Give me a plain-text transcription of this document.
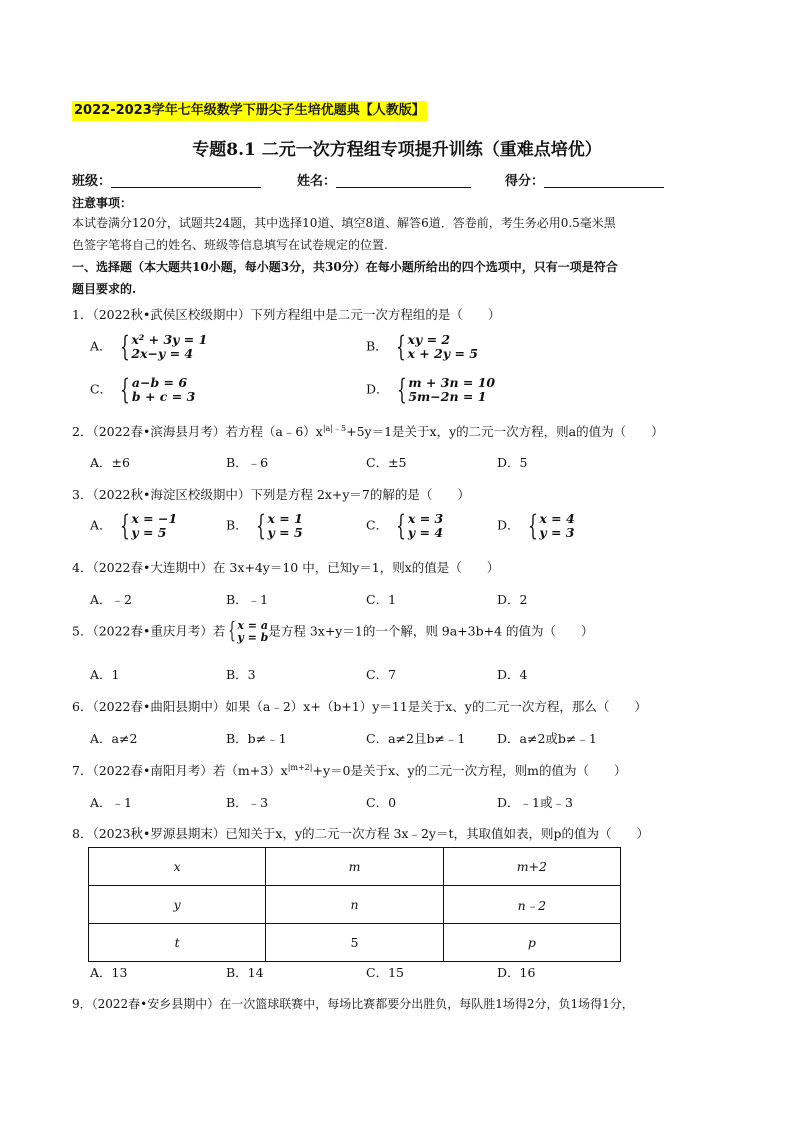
2022-2023学年七年级数学下册尖子生培优题典【人教版】
专题8.1 二元一次方程组专项提升训练（重难点培优）
班级：	姓名：	得分：
注意事项：
本试卷满分120分，试题共24题，其中选择10道、填空8道、解答6道．答卷前，考生务必用0.5毫米黑
色签字笔将自己的姓名、班级等信息填写在试卷规定的位置.
一、选择题（本大题共10小题，每小题3分，共30分）在每小题所给出的四个选项中，只有一项是符合
题目要求的.
1．（2022秋•武侯区校级期中）下列方程组中是二元一次方程组的是（　　）
A． { x² + 3y = 1
2x−y = 4	B． { xy = 2
x + 2y = 5
C． { a−b = 6
b + c = 3	D． { m + 3n = 10
5m−2n = 1
2．（2022春•滨海县月考）若方程$(a﹣6)x^{|a|﹣5}+5y=1$是关于x，y的二元一次方程，则a的值为（　　）
A．±6	B．﹣6	C．±5	D．5
3．（2022秋•海淀区校级期中）下列是方程 2x+y＝7的解的是（　　）
A． { x = −1
y = 5	B． { x = 1
y = 5	C． { x = 3
y = 4	D． { x = 4
y = 3
4．（2022春•大连期中）在 3x+4y＝10 中，已知y＝1，则x的值是（　　）
A．﹣2	B．﹣1	C．1	D．2
5．（2022春•重庆月考）若 { x = a
y = b 是方程 3x+y＝1的一个解，则 9a+3b+4 的值为（　　）
A．1	B．3	C．7	D．4
6．（2022春•曲阳县期中）如果（a﹣2）x+（b+1）y＝11是关于x、y的二元一次方程，那么（　　）
A．a≠2	B．b≠﹣1	C．a≠2且b≠﹣1	D．a≠2或b≠﹣1
7．（2022春•南阳月考）若$(m+3)x^{|m+2|}+y=0$是关于x、y的二元一次方程，则m的值为（　　）
A．﹣1	B．﹣3	C．0	D．﹣1或﹣3
8．（2023秋•罗源县期末）已知关于x，y的二元一次方程 3x﹣2y＝t，其取值如表，则p的值为（　　）
x	m	m+2
y	n	n﹣2
t	5	p
A．13	B．14	C．15	D．16
9．（2022春•安乡县期中）在一次篮球联赛中，每场比赛都要分出胜负，每队胜1场得2分，负1场得1分，
